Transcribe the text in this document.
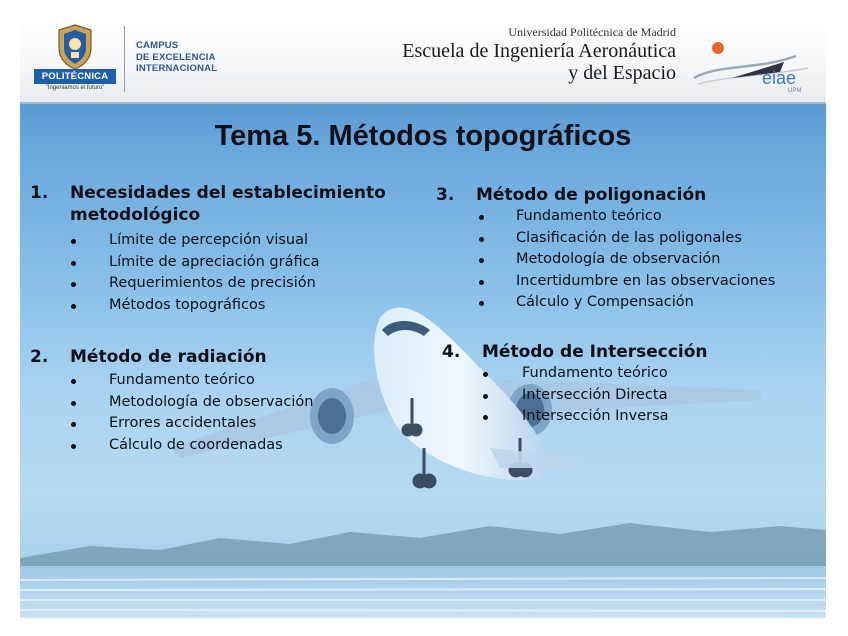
POLITÉCNICA
"Ingeniamos el futuro"
CAMPUS
DE EXCELENCIA
INTERNACIONAL
Universidad Politécnica de Madrid
Escuela de Ingeniería Aeronáutica
y del Espacio	eiae
UPM
Tema 5. Métodos topográficos
1.	Necesidades del establecimiento metodológico
Límite de percepción visual
Límite de apreciación gráfica
Requerimientos de precisión
Métodos topográficos
2.	Método de radiación
Fundamento teórico
Metodología de observación
Errores accidentales
Cálculo de coordenadas
3.	Método de poligonación
Fundamento teórico
Clasificación de las poligonales
Metodología de observación
Incertidumbre en las observaciones
Cálculo y Compensación
4.	Método de Intersección
Fundamento teórico
Intersección Directa
Intersección Inversa
